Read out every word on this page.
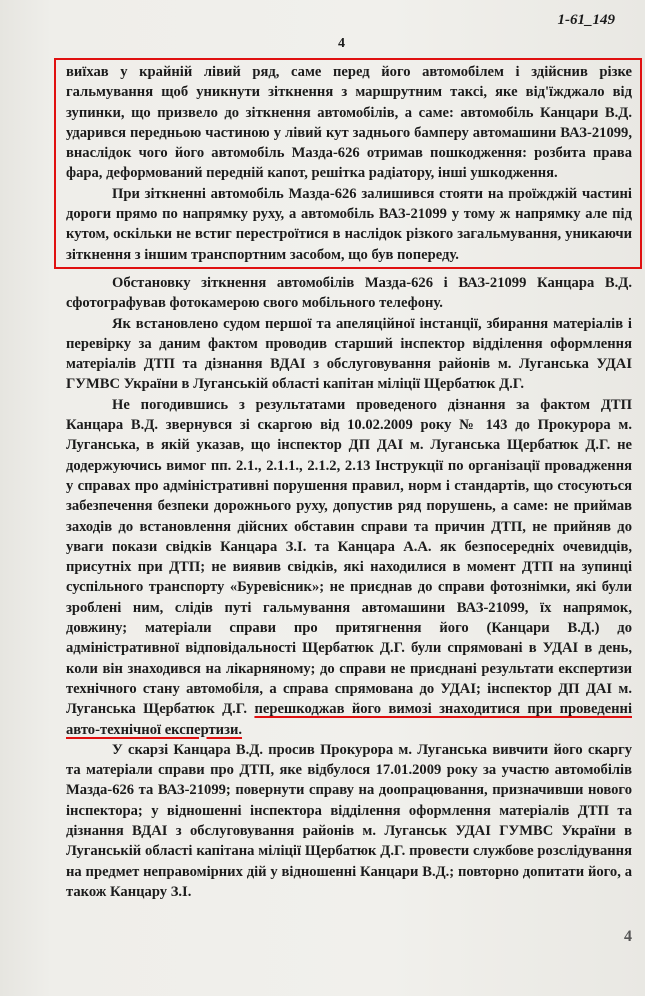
1-61_149
4

виїхав у крайній лівий ряд, саме перед його автомобілем і здійснив різке гальмування щоб уникнути зіткнення з маршрутним таксі, яке від'їжджало від зупинки, що призвело до зіткнення автомобілів, а саме: автомобіль Канцари В.Д. ударився передньою частиною у лівий кут заднього бамперу автомашини ВАЗ-21099, внаслідок чого його автомобіль Мазда-626 отримав пошкодження: розбита права фара, деформований передній капот, решітка радіатору, інші ушкодження.

При зіткненні автомобіль Мазда-626 залишився стояти на проїжджій частині дороги прямо по напрямку руху, а автомобіль ВАЗ-21099 у тому ж напрямку але під кутом, оскільки не встиг перестроїтися в наслідок різкого загальмування, уникаючи зіткнення з іншим транспортним засобом, що був попереду.

Обстановку зіткнення автомобілів Мазда-626 і ВАЗ-21099 Канцара В.Д. сфотографував фотокамерою свого мобільного телефону.

Як встановлено судом першої та апеляційної інстанції, збирання матеріалів і перевірку за даним фактом проводив старший інспектор відділення оформлення матеріалів ДТП та дізнання ВДАІ з обслуговування районів м. Луганська УДАІ ГУМВС України в Луганській області капітан міліції Щербатюк Д.Г.

Не погодившись з результатами проведеного дізнання за фактом ДТП Канцара В.Д. звернувся зі скаргою від 10.02.2009 року № 143 до Прокурора м. Луганська, в якій указав, що інспектор ДП ДАІ м. Луганська Щербатюк Д.Г. не додержуючись вимог пп. 2.1., 2.1.1., 2.1.2, 2.13 Інструкції по організації провадження у справах про адміністративні порушення правил, норм і стандартів, що стосуються забезпечення безпеки дорожнього руху, допустив ряд порушень, а саме: не приймав заходів до встановлення дійсних обставин справи та причин ДТП, не прийняв до уваги покази свідків Канцара З.І. та Канцара А.А. як безпосередніх очевидців, присутніх при ДТП; не виявив свідків, які находилися в момент ДТП на зупинці суспільного транспорту «Буревісник»; не приєднав до справи фотознімки, які були зроблені ним, слідів путі гальмування автомашини ВАЗ-21099, їх напрямок, довжину; матеріали справи про притягнення його (Канцари В.Д.) до адміністративної відповідальності Щербатюк Д.Г. були спрямовані в УДАІ в день, коли він знаходився на лікарняному; до справи не приєднані результати експертизи технічного стану автомобіля, а справа спрямована до УДАІ; інспектор ДП ДАІ м. Луганська Щербатюк Д.Г. перешкоджав його вимозі знаходитися при проведенні авто-технічної експертизи.

У скарзі Канцара В.Д. просив Прокурора м. Луганська вивчити його скаргу та матеріали справи про ДТП, яке відбулося 17.01.2009 року за участю автомобілів Мазда-626 та ВАЗ-21099; повернути справу на доопрацювання, призначивши нового інспектора; у відношенні інспектора відділення оформлення матеріалів ДТП та дізнання ВДАІ з обслуговування районів м. Луганськ УДАІ ГУМВС України в Луганській області капітана міліції Щербатюк Д.Г. провести службове розслідування на предмет неправомірних дій у відношенні Канцари В.Д.; повторно допитати його, а також Канцару З.І.

4
